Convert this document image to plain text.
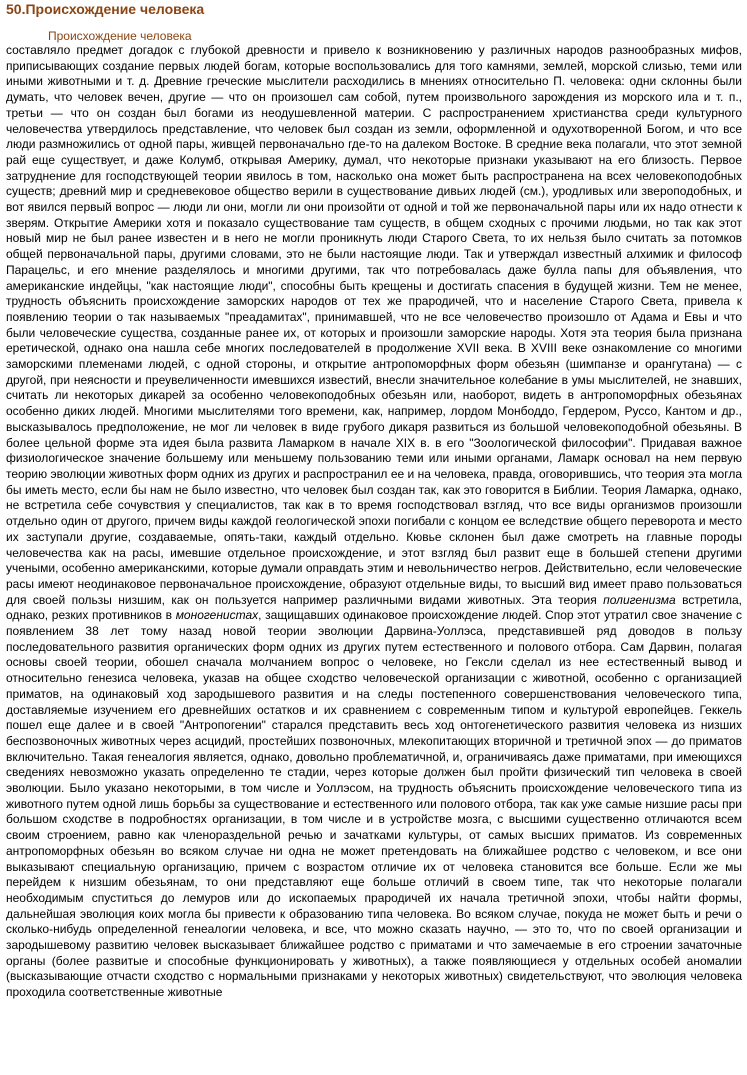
50.Происхождение человека
Происхождение человека

составляло предмет догадок с глубокой древности и привело к возникновению у различных народов разнообразных мифов, приписывающих создание первых людей богам, которые воспользовались для того камнями, землей, морской слизью, теми или иными животными и т. д. Древние греческие мыслители расходились в мнениях относительно П. человека: одни склонны были думать, что человек вечен, другие — что он произошел сам собой, путем произвольного зарождения из морского ила и т. п., третьи — что он создан был богами из неодушевленной материи. С распространением христианства среди культурного человечества утвердилось представление, что человек был создан из земли, оформленной и одухотворенной Богом, и что все люди размножились от одной пары, живщей первоначально где-то на далеком Востоке. В средние века полагали, что этот земной рай еще существует, и даже Колумб, открывая Америку, думал, что некоторые признаки указывают на его близость. Первое затруднение для господствующей теории явилось в том, насколько она может быть распространена на всех человекоподобных существ; древний мир и средневековое общество верили в существование дивьих людей (см.), уродливых или звероподобных, и вот явился первый вопрос — люди ли они, могли ли они произойти от одной и той же первоначальной пары или их надо отнести к зверям. Открытие Америки хотя и показало существование там существ, в общем сходных с прочими людьми, но так как этот новый мир не был ранее известен и в него не могли проникнуть люди Старого Света, то их нельзя было считать за потомков общей первоначальной пары, другими словами, это не были настоящие люди. Так и утверждал известный алхимик и философ Парацельс, и его мнение разделялось и многими другими, так что потребовалась даже булла папы для объявления, что американские индейцы, "как настоящие люди", способны быть крещены и достигать спасения в будущей жизни. Тем не менее, трудность объяснить происхождение заморских народов от тех же прародичей, что и население Старого Света, привела к появлению теории о так называемых "преадамитах", принимавшей, что не все человечество произошло от Адама и Евы и что были человеческие существа, созданные ранее их, от которых и произошли заморские народы. Хотя эта теория была признана еретической, однако она нашла себе многих последователей в продолжение XVII века. В XVIII веке ознакомление со многими заморскими племенами людей, с одной стороны, и открытие антропоморфных форм обезьян (шимпанзе и орангутана) — с другой, при неясности и преувеличенности имевшихся известий, внесли значительное колебание в умы мыслителей, не знавших, считать ли некоторых дикарей за особенно человекоподобных обезьян или, наоборот, видеть в антропоморфных обезьянах особенно диких людей. Многими мыслителями того времени, как, например, лордом Монбоддо, Гердером, Руссо, Кантом и др., высказывалось предположение, не мог ли человек в виде грубого дикаря развиться из большой человекоподобной обезьяны. В более цельной форме эта идея была развита Ламарком в начале XIX в. в его "Зоологической философии". Придавая важное физиологическое значение большему или меньшему пользованию теми или иными органами, Ламарк основал на нем первую теорию эволюции животных форм одних из других и распространил ее и на человека, правда, оговорившись, что теория эта могла бы иметь место, если бы нам не было известно, что человек был создан так, как это говорится в Библии. Теория Ламарка, однако, не встретила себе сочувствия у специалистов, так как в то время господствовал взгляд, что все виды организмов произошли отдельно один от другого, причем виды каждой геологической эпохи погибали с концом ее вследствие общего переворота и место их заступали другие, создаваемые, опять-таки, каждый отдельно. Кювье склонен был даже смотреть на главные породы человечества как на расы, имевшие отдельное происхождение, и этот взгляд был развит еще в большей степени другими учеными, особенно американскими, которые думали оправдать этим и невольничество негров. Действительно, если человеческие расы имеют неодинаковое первоначальное происхождение, образуют отдельные виды, то высший вид имеет право пользоваться для своей пользы низшим, как он пользуется например различными видами животных. Эта теория полигенизма встретила, однако, резких противников в моногенистах, защищавших одинаковое происхождение людей. Спор этот утратил свое значение с появлением 38 лет тому назад новой теории эволюции Дарвина-Уоллэса, представившей ряд доводов в пользу последовательного развития органических форм одних из других путем естественного и полового отбора. Сам Дарвин, полагая основы своей теории, обошел сначала молчанием вопрос о человеке, но Гексли сделал из нее естественный вывод и относительно генезиса человека, указав на общее сходство человеческой организации с животной, особенно с организацией приматов, на одинаковый ход зародышевого развития и на следы постепенного совершенствования человеческого типа, доставляемые изучением его древнейших остатков и их сравнением с современным типом и культурой европейцев. Геккель пошел еще далее и в своей "Антропогении" старался представить весь ход онтогенетического развития человека из низших беспозвоночных животных через асцидий, простейших позвоночных, млекопитающих вторичной и третичной эпох — до приматов включительно. Такая генеалогия является, однако, довольно проблематичной, и, ограничиваясь даже приматами, при имеющихся сведениях невозможно указать определенно те стадии, через которые должен был пройти физический тип человека в своей эволюции. Было указано некоторыми, в том числе и Уоллэсом, на трудность объяснить происхождение человеческого типа из животного путем одной лишь борьбы за существование и естественного или полового отбора, так как уже самые низшие расы при большом сходстве в подробностях организации, в том числе и в устройстве мозга, с высшими существенно отличаются всем своим строением, равно как членораздельной речью и зачатками культуры, от самых высших приматов. Из современных антропоморфных обезьян во всяком случае ни одна не может претендовать на ближайшее родство с человеком, и все они выказывают специальную организацию, причем с возрастом отличие их от человека становится все больше. Если же мы перейдем к низшим обезьянам, то они представляют еще больше отличий в своем типе, так что некоторые полагали необходимым спуститься до лемуров или до ископаемых прародичей их начала третичной эпохи, чтобы найти формы, дальнейшая эволюция коих могла бы привести к образованию типа человека. Во всяком случае, покуда не может быть и речи о сколько-нибудь определенной генеалогии человека, и все, что можно сказать научно, — это то, что по своей организации и зародышевому развитию человек высказывает ближайшее родство с приматами и что замечаемые в его строении зачаточные органы (более развитые и способные функционировать у животных), а также появляющиеся у отдельных особей аномалии (высказывающие отчасти сходство с нормальными признаками у некоторых животных) свидетельствуют, что эволюция человека проходила соответственные животные
